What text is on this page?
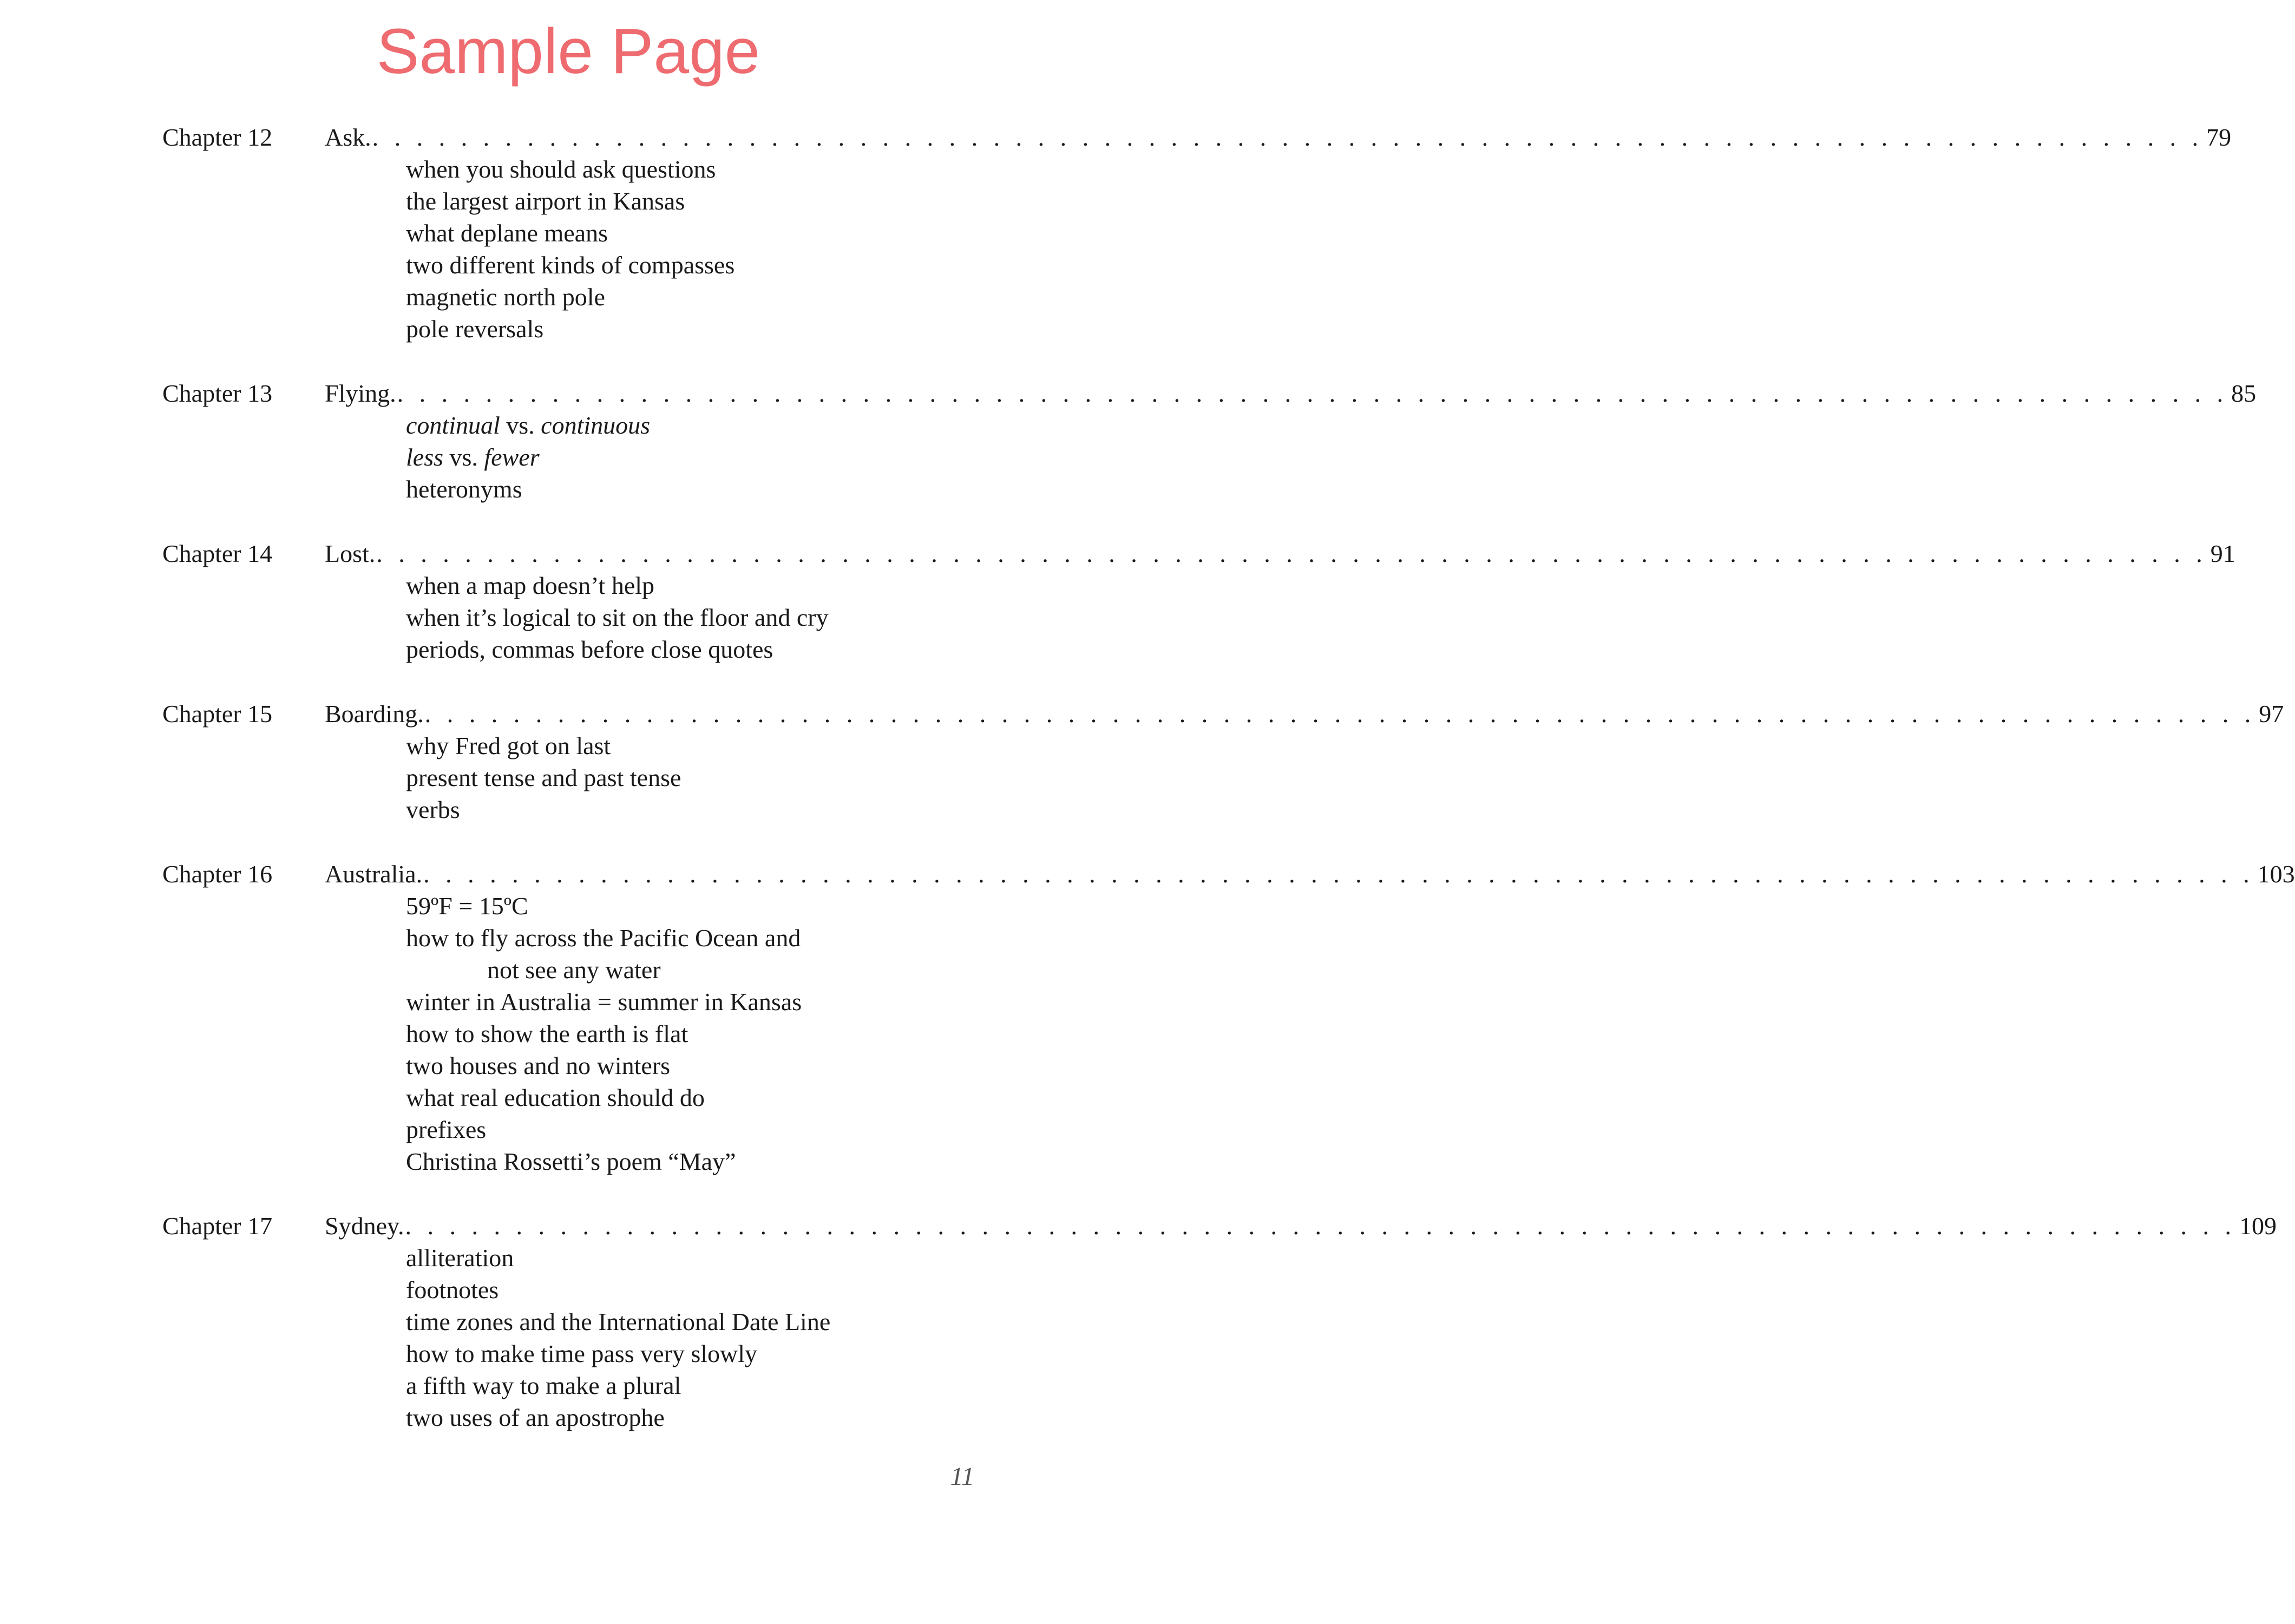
Sample Page
Chapter 12	Ask. . . . . . . . . . . . . . . . . . . . . . . . . . . . . . . . . . . . . . . . . . . . . . . . . . . . . . . . . . . . . . . . . . . . . . . . . . . . . . . . . . . . 79
when you should ask questions
the largest airport in Kansas
what deplane means
two different kinds of compasses
magnetic north pole
pole reversals
Chapter 13	Flying. . . . . . . . . . . . . . . . . . . . . . . . . . . . . . . . . . . . . . . . . . . . . . . . . . . . . . . . . . . . . . . . . . . . . . . . . . . . . . . . . . . . 85
continual vs. continuous
less vs. fewer
heteronyms
Chapter 14	Lost. . . . . . . . . . . . . . . . . . . . . . . . . . . . . . . . . . . . . . . . . . . . . . . . . . . . . . . . . . . . . . . . . . . . . . . . . . . . . . . . . . . . 91
when a map doesn’t help
when it’s logical to sit on the floor and cry
periods, commas before close quotes
Chapter 15	Boarding. . . . . . . . . . . . . . . . . . . . . . . . . . . . . . . . . . . . . . . . . . . . . . . . . . . . . . . . . . . . . . . . . . . . . . . . . . . . . . . . . . . . 97
why Fred got on last
present tense and past tense
verbs
Chapter 16	Australia. . . . . . . . . . . . . . . . . . . . . . . . . . . . . . . . . . . . . . . . . . . . . . . . . . . . . . . . . . . . . . . . . . . . . . . . . . . . . . . . . . . . 103
59ºF = 15ºC
how to fly across the Pacific Ocean and
not see any water
winter in Australia = summer in Kansas
how to show the earth is flat
two houses and no winters
what real education should do
prefixes
Christina Rossetti’s poem “May”
Chapter 17	Sydney. . . . . . . . . . . . . . . . . . . . . . . . . . . . . . . . . . . . . . . . . . . . . . . . . . . . . . . . . . . . . . . . . . . . . . . . . . . . . . . . . . . . 109
alliteration
footnotes
time zones and the International Date Line
how to make time pass very slowly
a fifth way to make a plural
two uses of an apostrophe
11
